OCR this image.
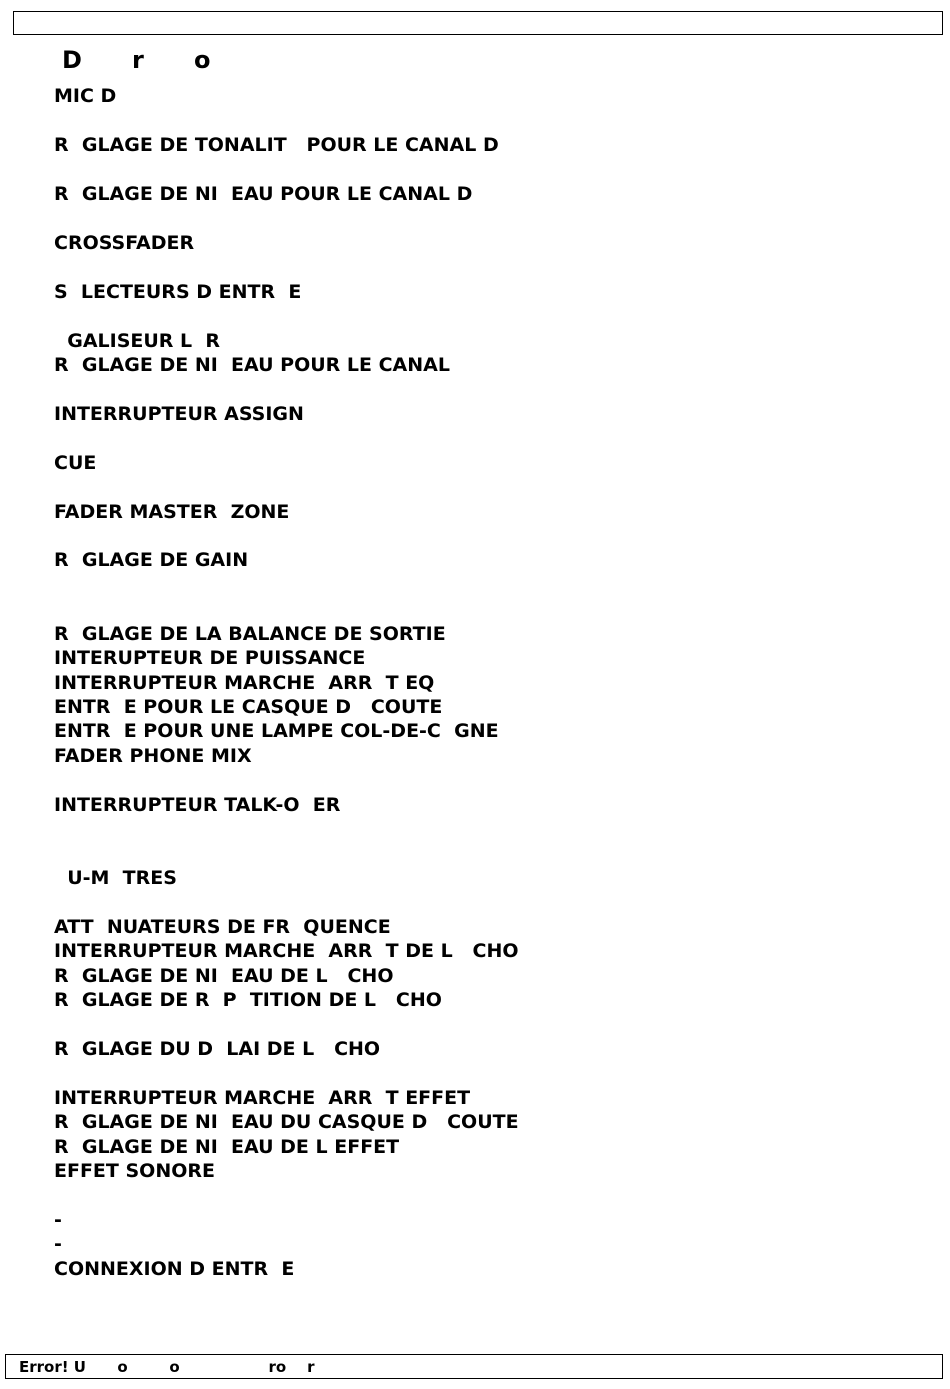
D      r      o
MIC D
R  GLAGE DE TONALIT   POUR LE CANAL D
R  GLAGE DE NI  EAU POUR LE CANAL D
CROSSFADER
S  LECTEURS D ENTR  E
GALISEUR L  R
R  GLAGE DE NI  EAU POUR LE CANAL
INTERRUPTEUR ASSIGN
CUE
FADER MASTER  ZONE
R  GLAGE DE GAIN
R  GLAGE DE LA BALANCE DE SORTIE
INTERUPTEUR DE PUISSANCE
INTERRUPTEUR MARCHE  ARR  T EQ
ENTR  E POUR LE CASQUE D   COUTE
ENTR  E POUR UNE LAMPE COL-DE-C  GNE
FADER PHONE MIX
INTERRUPTEUR TALK-O  ER
U-M  TRES
ATT  NUATEURS DE FR  QUENCE
INTERRUPTEUR MARCHE  ARR  T DE L   CHO
R  GLAGE DE NI  EAU DE L   CHO
R  GLAGE DE R  P  TITION DE L   CHO
R  GLAGE DU D  LAI DE L   CHO
INTERRUPTEUR MARCHE  ARR  T EFFET
R  GLAGE DE NI  EAU DU CASQUE D   COUTE
R  GLAGE DE NI  EAU DE L EFFET
EFFET SONORE
-
-
CONNEXION D ENTR  E
Error! U      o        o                 ro    r
